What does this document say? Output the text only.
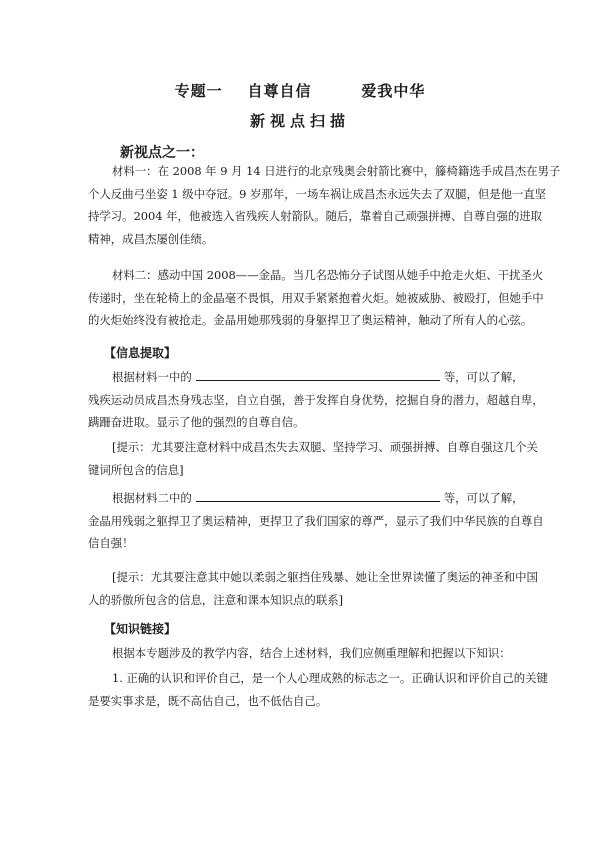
专题一    自尊自信        爱我中华
新视点扫描
新视点之一：
材料一：在 2008 年 9 月 14 日进行的北京残奥会射箭比赛中，籐椅籍选手成昌杰在男子
个人反曲弓坐姿 1 级中夺冠。9 岁那年，一场车祸让成昌杰永远失去了双腿，但是他一直坚
持学习。2004 年，他被选入省残疾人射箭队。随后，靠着自己顽强拼搏、自尊自强的进取
精神，成昌杰屡创佳绩。
材料二：感动中国 2008——金晶。当几名恐怖分子试图从她手中抢走火炬、干扰圣火
传递时，坐在轮椅上的金晶毫不畏惧，用双手紧紧抱着火炬。她被威胁、被殴打，但她手中
的火炬始终没有被抢走。金晶用她那残弱的身躯捍卫了奥运精神，触动了所有人的心弦。
【信息提取】
根据材料一中的	等，可以了解，
残疾运动员成昌杰身残志坚，自立自强，善于发挥自身优势，挖掘自身的潜力，超越自卑，
蹒跚奋进取。显示了他的强烈的自尊自信。
[提示：尤其要注意材料中成昌杰失去双腿、坚持学习、顽强拼搏、自尊自强这几个关
键词所包含的信息]
根据材料二中的	等，可以了解，
金晶用残弱之躯捍卫了奥运精神，更捍卫了我们国家的尊严，显示了我们中华民族的自尊自
信自强！
[提示：尤其要注意其中她以柔弱之躯挡住残暴、她让全世界读懂了奥运的神圣和中国
人的骄傲所包含的信息，注意和课本知识点的联系]
【知识链接】
根据本专题涉及的教学内容，结合上述材料，我们应侧重理解和把握以下知识：
1. 正确的认识和评价自己，是一个人心理成熟的标志之一。正确认识和评价自己的关键
是要实事求是，既不高估自己，也不低估自己。
